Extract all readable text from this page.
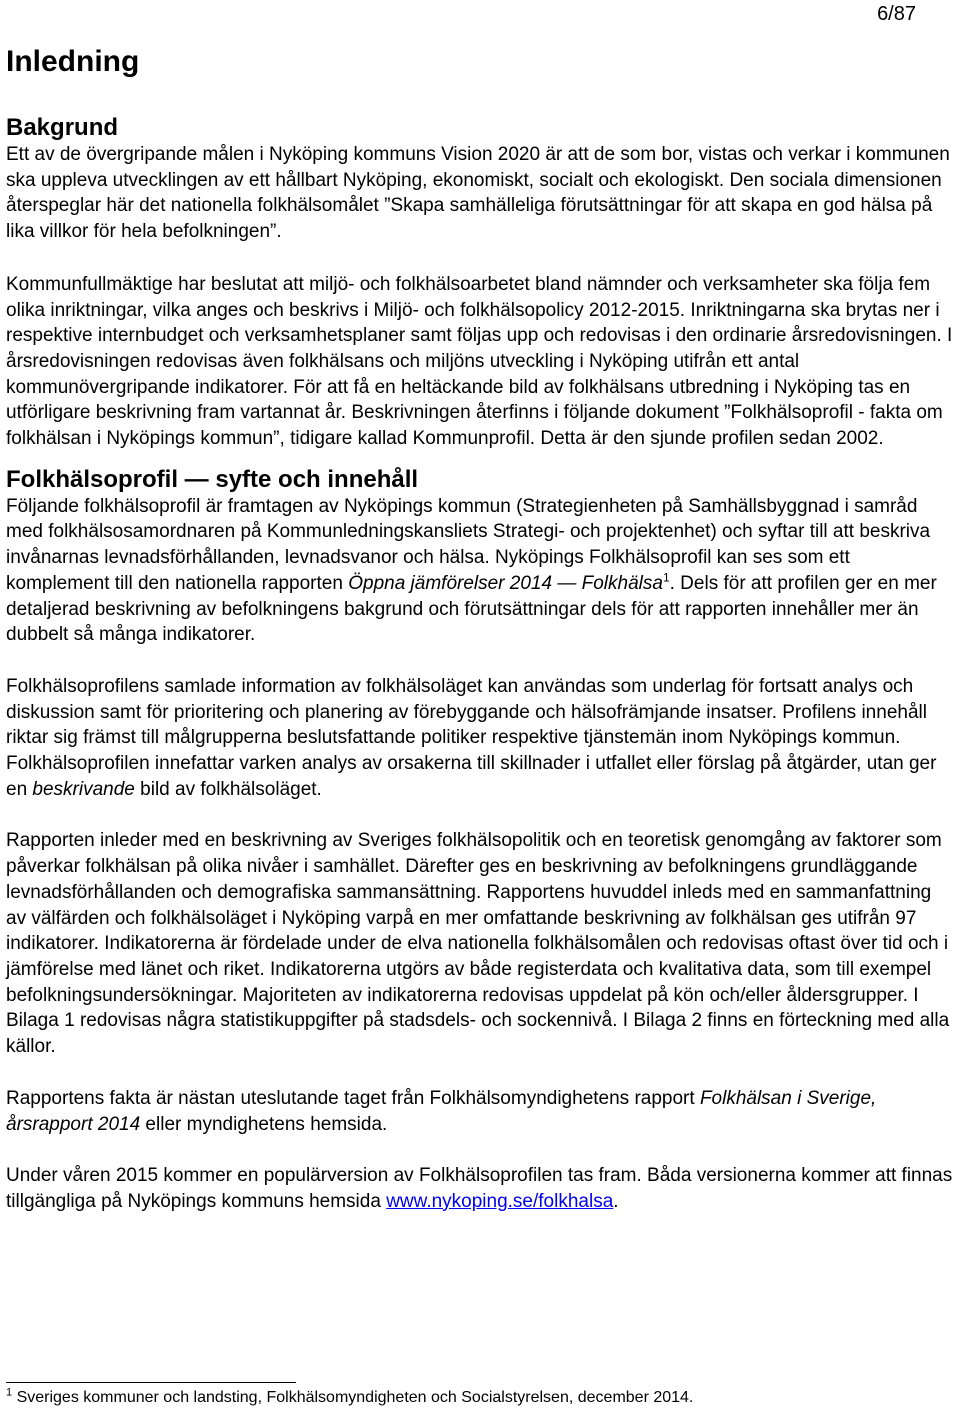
6/87
Inledning
Bakgrund

Ett av de övergripande målen i Nyköping kommuns Vision 2020 är att de som bor, vistas och verkar i kommunen ska uppleva utvecklingen av ett hållbart Nyköping, ekonomiskt, socialt och ekologiskt. Den sociala dimensionen återspeglar här det nationella folkhälsomålet ”Skapa samhälleliga förutsättningar för att skapa en god hälsa på lika villkor för hela befolkningen”.

Kommunfullmäktige har beslutat att miljö- och folkhälsoarbetet bland nämnder och verksamheter ska följa fem olika inriktningar, vilka anges och beskrivs i Miljö- och folkhälsopolicy 2012-2015. Inriktningarna ska brytas ner i respektive internbudget och verksamhetsplaner samt följas upp och redovisas i den ordinarie årsredovisningen. I årsredovisningen redovisas även folkhälsans och miljöns utveckling i Nyköping utifrån ett antal kommunövergripande indikatorer. För att få en heltäckande bild av folkhälsans utbredning i Nyköping tas en utförligare beskrivning fram vartannat år. Beskrivningen återfinns i följande dokument ”Folkhälsoprofil - fakta om folkhälsan i Nyköpings kommun”, tidigare kallad Kommunprofil. Detta är den sjunde profilen sedan 2002.

Folkhälsoprofil — syfte och innehåll

Följande folkhälsoprofil är framtagen av Nyköpings kommun (Strategienheten på Samhällsbyggnad i samråd med folkhälsosamordnaren på Kommunledningskansliets Strategi- och projektenhet) och syftar till att beskriva invånarnas levnadsförhållanden, levnadsvanor och hälsa. Nyköpings Folkhälsoprofil kan ses som ett komplement till den nationella rapporten Öppna jämförelser 2014 — Folkhälsa$^1$. Dels för att profilen ger en mer detaljerad beskrivning av befolkningens bakgrund och förutsättningar dels för att rapporten innehåller mer än dubbelt så många indikatorer.

Folkhälsoprofilens samlade information av folkhälsoläget kan användas som underlag för fortsatt analys och diskussion samt för prioritering och planering av förebyggande och hälsofrämjande insatser. Profilens innehåll riktar sig främst till målgrupperna beslutsfattande politiker respektive tjänstemän inom Nyköpings kommun. Folkhälsoprofilen innefattar varken analys av orsakerna till skillnader i utfallet eller förslag på åtgärder, utan ger en beskrivande bild av folkhälsoläget.

Rapporten inleder med en beskrivning av Sveriges folkhälsopolitik och en teoretisk genomgång av faktorer som påverkar folkhälsan på olika nivåer i samhället. Därefter ges en beskrivning av befolkningens grundläggande levnadsförhållanden och demografiska sammansättning. Rapportens huvuddel inleds med en sammanfattning av välfärden och folkhälsoläget i Nyköping varpå en mer omfattande beskrivning av folkhälsan ges utifrån 97 indikatorer. Indikatorerna är fördelade under de elva nationella folkhälsomålen och redovisas oftast över tid och i jämförelse med länet och riket. Indikatorerna utgörs av både registerdata och kvalitativa data, som till exempel befolkningsundersökningar. Majoriteten av indikatorerna redovisas uppdelat på kön och/eller åldersgrupper. I Bilaga 1 redovisas några statistikuppgifter på stadsdels- och sockennivå. I Bilaga 2 finns en förteckning med alla källor.

Rapportens fakta är nästan uteslutande taget från Folkhälsomyndighetens rapport Folkhälsan i Sverige, årsrapport 2014 eller myndighetens hemsida.

Under våren 2015 kommer en populärversion av Folkhälsoprofilen tas fram. Båda versionerna kommer att finnas tillgängliga på Nyköpings kommuns hemsida www.nykoping.se/folkhalsa.

$^1$ Sveriges kommuner och landsting, Folkhälsomyndigheten och Socialstyrelsen, december 2014.
